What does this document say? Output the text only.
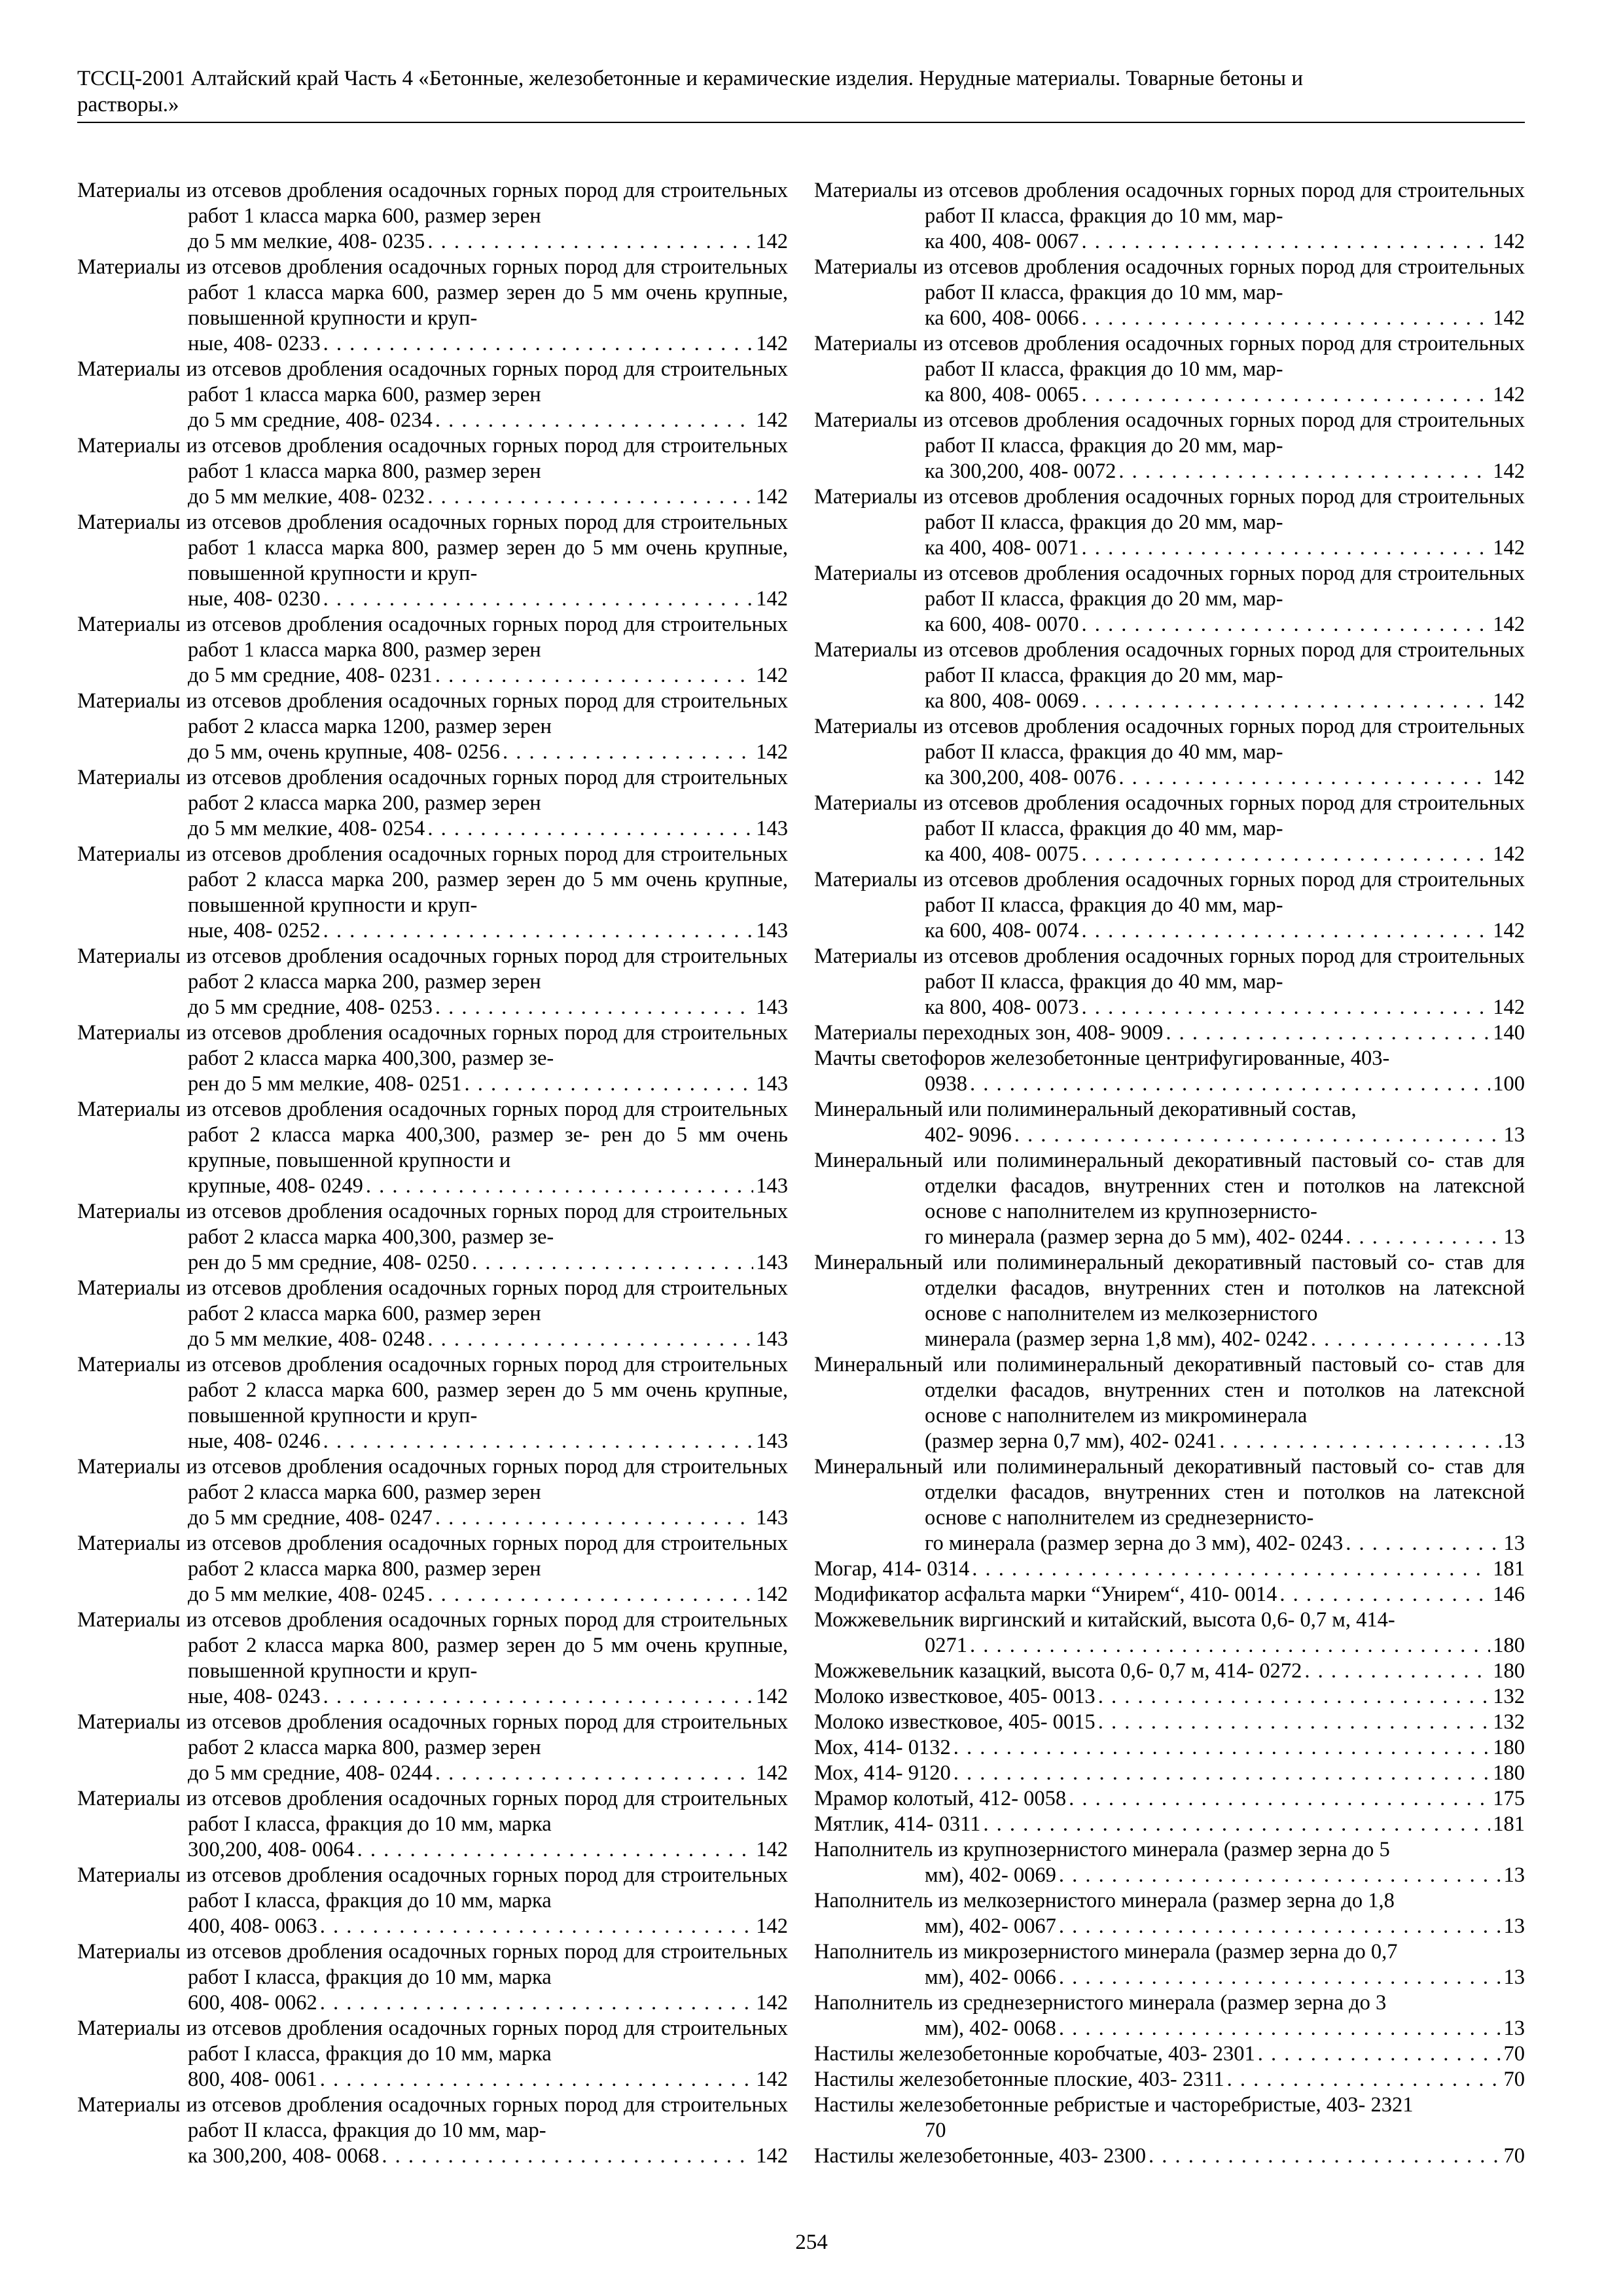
ТССЦ-2001 Алтайский край Часть 4 «Бетонные, железобетонные и керамические изделия. Нерудные материалы. Товарные бетоны и
растворы.»
Материалы из отсевов дробления осадочных горных пород для строительных работ 1 класса марка 600, размер зерен
до 5 мм мелкие, 408- 0235 . . .	142
Материалы из отсевов дробления осадочных горных пород для строительных работ 1 класса марка 600, размер зерен до 5 мм очень крупные, повышенной крупности и круп-
ные, 408- 0233 . . .	142
Материалы из отсевов дробления осадочных горных пород для строительных работ 1 класса марка 600, размер зерен
до 5 мм средние, 408- 0234 . . .	142
Материалы из отсевов дробления осадочных горных пород для строительных работ 1 класса марка 800, размер зерен
до 5 мм мелкие, 408- 0232 . . .	142
Материалы из отсевов дробления осадочных горных пород для строительных работ 1 класса марка 800, размер зерен до 5 мм очень крупные, повышенной крупности и круп-
ные, 408- 0230 . . .	142
Материалы из отсевов дробления осадочных горных пород для строительных работ 1 класса марка 800, размер зерен
до 5 мм средние, 408- 0231 . . .	142
Материалы из отсевов дробления осадочных горных пород для строительных работ 2 класса марка 1200, размер зерен
до 5 мм, очень крупные, 408- 0256 . . .	142
Материалы из отсевов дробления осадочных горных пород для строительных работ 2 класса марка 200, размер зерен
до 5 мм мелкие, 408- 0254 . . .	143
Материалы из отсевов дробления осадочных горных пород для строительных работ 2 класса марка 200, размер зерен до 5 мм очень крупные, повышенной крупности и круп-
ные, 408- 0252 . . .	143
Материалы из отсевов дробления осадочных горных пород для строительных работ 2 класса марка 200, размер зерен
до 5 мм средние, 408- 0253 . . .	143
Материалы из отсевов дробления осадочных горных пород для строительных работ 2 класса марка 400,300, размер зе-
рен до 5 мм мелкие, 408- 0251 . . .	143
Материалы из отсевов дробления осадочных горных пород для строительных работ 2 класса марка 400,300, размер зе- рен до 5 мм очень крупные, повышенной крупности и
крупные, 408- 0249 . . .	143
Материалы из отсевов дробления осадочных горных пород для строительных работ 2 класса марка 400,300, размер зе-
рен до 5 мм средние, 408- 0250 . . .	143
Материалы из отсевов дробления осадочных горных пород для строительных работ 2 класса марка 600, размер зерен
до 5 мм мелкие, 408- 0248 . . .	143
Материалы из отсевов дробления осадочных горных пород для строительных работ 2 класса марка 600, размер зерен до 5 мм очень крупные, повышенной крупности и круп-
ные, 408- 0246 . . .	143
Материалы из отсевов дробления осадочных горных пород для строительных работ 2 класса марка 600, размер зерен
до 5 мм средние, 408- 0247 . . .	143
Материалы из отсевов дробления осадочных горных пород для строительных работ 2 класса марка 800, размер зерен
до 5 мм мелкие, 408- 0245 . . .	142
Материалы из отсевов дробления осадочных горных пород для строительных работ 2 класса марка 800, размер зерен до 5 мм очень крупные, повышенной крупности и круп-
ные, 408- 0243 . . .	142
Материалы из отсевов дробления осадочных горных пород для строительных работ 2 класса марка 800, размер зерен
до 5 мм средние, 408- 0244 . . .	142
Материалы из отсевов дробления осадочных горных пород для строительных работ I класса, фракция до 10 мм, марка
300,200, 408- 0064 . . .	142
Материалы из отсевов дробления осадочных горных пород для строительных работ I класса, фракция до 10 мм, марка
400, 408- 0063 . . .	142
Материалы из отсевов дробления осадочных горных пород для строительных работ I класса, фракция до 10 мм, марка
600, 408- 0062 . . .	142
Материалы из отсевов дробления осадочных горных пород для строительных работ I класса, фракция до 10 мм, марка
800, 408- 0061 . . .	142
Материалы из отсевов дробления осадочных горных пород для строительных работ II класса, фракция до 10 мм, мар-
ка 300,200, 408- 0068 . . .	142
Материалы из отсевов дробления осадочных горных пород для строительных работ II класса, фракция до 10 мм, мар-
ка 400, 408- 0067 . . .	142
Материалы из отсевов дробления осадочных горных пород для строительных работ II класса, фракция до 10 мм, мар-
ка 600, 408- 0066 . . .	142
Материалы из отсевов дробления осадочных горных пород для строительных работ II класса, фракция до 10 мм, мар-
ка 800, 408- 0065 . . .	142
Материалы из отсевов дробления осадочных горных пород для строительных работ II класса, фракция до 20 мм, мар-
ка 300,200, 408- 0072 . . .	142
Материалы из отсевов дробления осадочных горных пород для строительных работ II класса, фракция до 20 мм, мар-
ка 400, 408- 0071 . . .	142
Материалы из отсевов дробления осадочных горных пород для строительных работ II класса, фракция до 20 мм, мар-
ка 600, 408- 0070 . . .	142
Материалы из отсевов дробления осадочных горных пород для строительных работ II класса, фракция до 20 мм, мар-
ка 800, 408- 0069 . . .	142
Материалы из отсевов дробления осадочных горных пород для строительных работ II класса, фракция до 40 мм, мар-
ка 300,200, 408- 0076 . . .	142
Материалы из отсевов дробления осадочных горных пород для строительных работ II класса, фракция до 40 мм, мар-
ка 400, 408- 0075 . . .	142
Материалы из отсевов дробления осадочных горных пород для строительных работ II класса, фракция до 40 мм, мар-
ка 600, 408- 0074 . . .	142
Материалы из отсевов дробления осадочных горных пород для строительных работ II класса, фракция до 40 мм, мар-
ка 800, 408- 0073 . . .	142
Материалы переходных зон, 408- 9009 . . .	140
Мачты светофоров железобетонные центрифугированные, 403-
0938 . . .	100
Минеральный или полиминеральный декоративный состав,
402- 9096 . . .	13
Минеральный или полиминеральный декоративный пастовый со- став для отделки фасадов, внутренних стен и потолков на латексной основе с наполнителем из крупнозернисто-
го минерала (размер зерна до 5 мм), 402- 0244 . . .	13
Минеральный или полиминеральный декоративный пастовый со- став для отделки фасадов, внутренних стен и потолков на латексной основе с наполнителем из мелкозернистого
минерала (размер зерна 1,8 мм), 402- 0242 . . .	13
Минеральный или полиминеральный декоративный пастовый со- став для отделки фасадов, внутренних стен и потолков на латексной основе с наполнителем из микроминерала
(размер зерна 0,7 мм), 402- 0241 . . .	13
Минеральный или полиминеральный декоративный пастовый со- став для отделки фасадов, внутренних стен и потолков на латексной основе с наполнителем из среднезернисто-
го минерала (размер зерна до 3 мм), 402- 0243 . . .	13
Могар, 414- 0314 . . .	181
Модификатор асфальта марки “Унирем“, 410- 0014 . . .	146
Можжевельник виргинский и китайский, высота 0,6- 0,7 м, 414-
0271 . . .	180
Можжевельник казацкий, высота 0,6- 0,7 м, 414- 0272 . . .	180
Молоко известковое, 405- 0013 . . .	132
Молоко известковое, 405- 0015 . . .	132
Мох, 414- 0132 . . .	180
Мох, 414- 9120 . . .	180
Мрамор колотый, 412- 0058 . . .	175
Мятлик, 414- 0311 . . .	181
Наполнитель из крупнозернистого минерала (размер зерна до 5
мм), 402- 0069 . . .	13
Наполнитель из мелкозернистого минерала (размер зерна до 1,8
мм), 402- 0067 . . .	13
Наполнитель из микрозернистого минерала (размер зерна до 0,7
мм), 402- 0066 . . .	13
Наполнитель из среднезернистого минерала (размер зерна до 3
мм), 402- 0068 . . .	13
Настилы железобетонные коробчатые, 403- 2301 . . .	70
Настилы железобетонные плоские, 403- 2311 . . .	70
Настилы железобетонные ребристые и часторебристые, 403- 2321
70
Настилы железобетонные, 403- 2300 . . .	70
254
